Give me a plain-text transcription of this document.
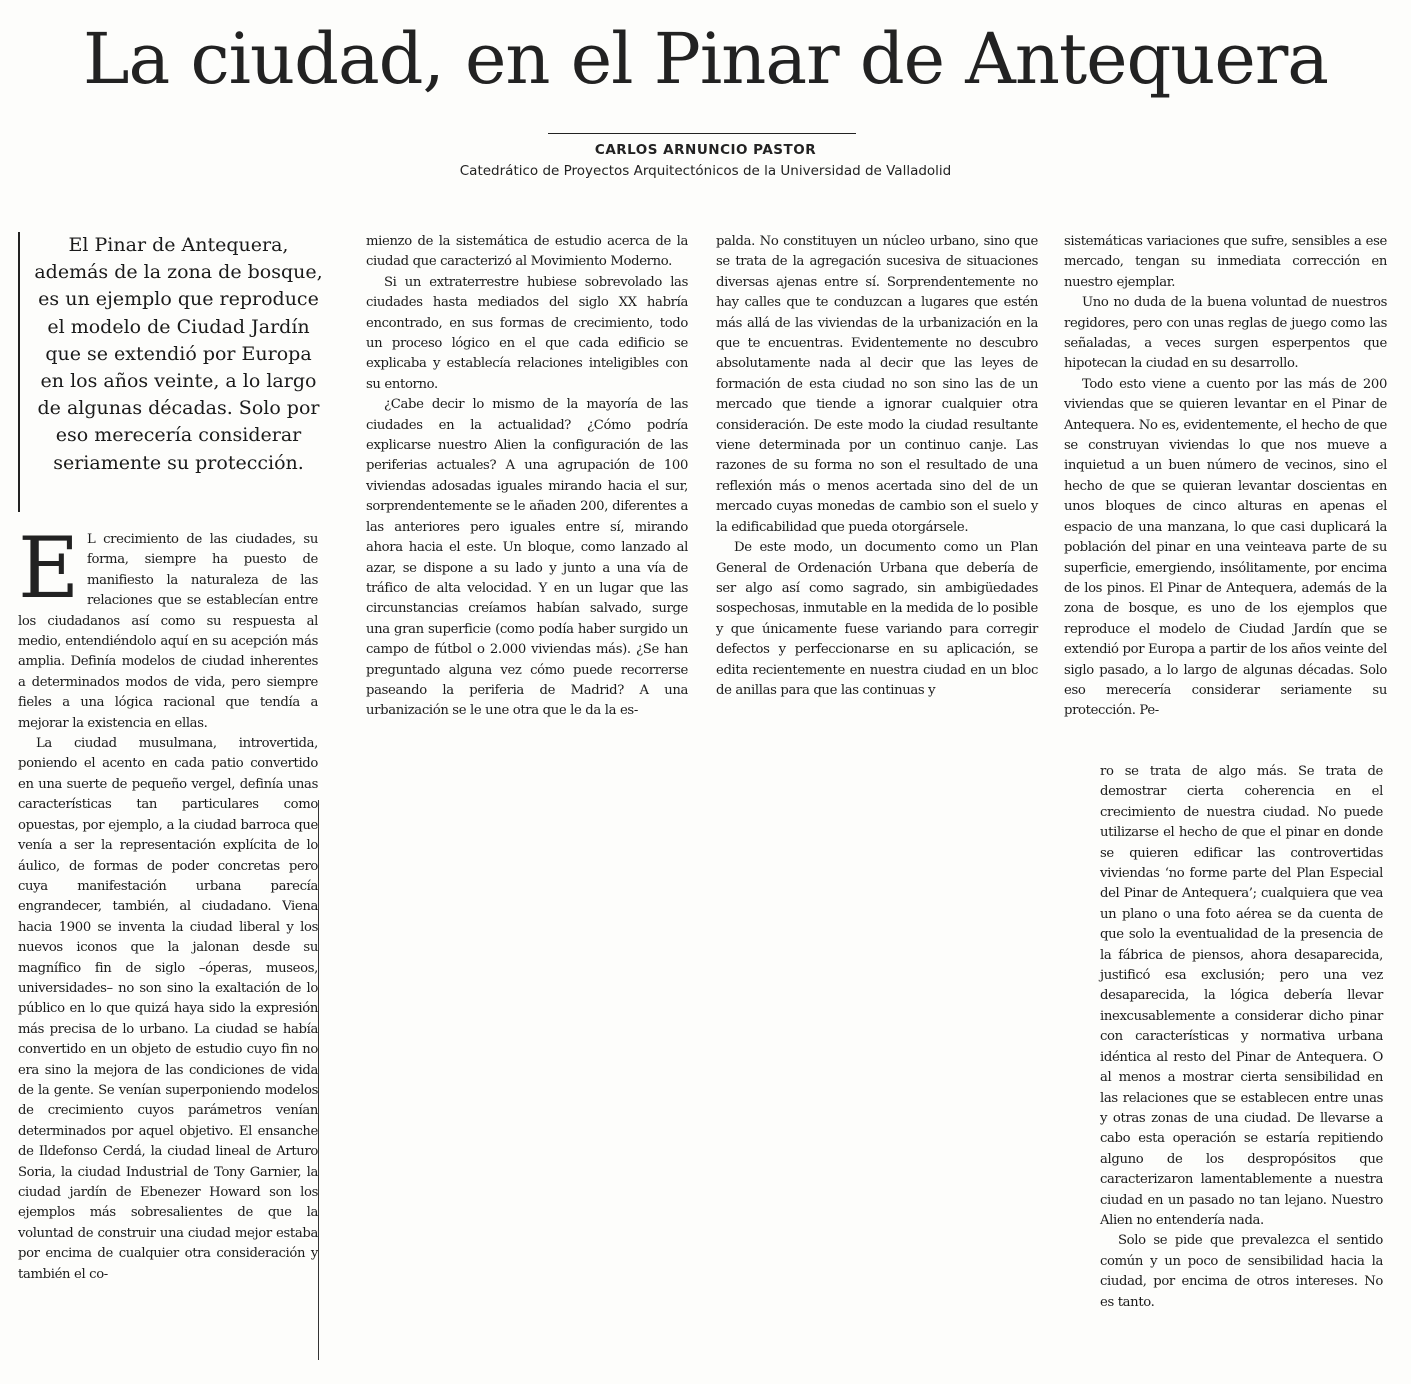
La ciudad, en el Pinar de Antequera
CARLOS ARNUNCIO PASTOR
Catedrático de Proyectos Arquitectónicos de la Universidad de Valladolid

El Pinar de Antequera, además de la zona de bosque, es un ejemplo que reproduce el modelo de Ciudad Jardín que se extendió por Europa en los años veinte, a lo largo de algunas décadas. Solo por eso merecería considerar seriamente su protección.

E L crecimiento de las ciudades, su forma, siempre ha puesto de manifiesto la naturaleza de las relaciones que se establecían entre los ciudadanos así como su respuesta al medio, entendiéndolo aquí en su acepción más amplia. Definía modelos de ciudad inherentes a determinados modos de vida, pero siempre fieles a una lógica racional que tendía a mejorar la existencia en ellas.

La ciudad musulmana, introvertida, poniendo el acento en cada patio convertido en una suerte de pequeño vergel, definía unas características tan particulares como opuestas, por ejemplo, a la ciudad barroca que venía a ser la representación explícita de lo áulico, de formas de poder concretas pero cuya manifestación urbana parecía engrandecer, también, al ciudadano. Viena hacia 1900 se inventa la ciudad liberal y los nuevos iconos que la jalonan desde su magnífico fin de siglo –óperas, museos, universidades– no son sino la exaltación de lo público en lo que quizá haya sido la expresión más precisa de lo urbano. La ciudad se había convertido en un objeto de estudio cuyo fin no era sino la mejora de las condiciones de vida de la gente. Se venían superponiendo modelos de crecimiento cuyos parámetros venían determinados por aquel objetivo. El ensanche de Ildefonso Cerdá, la ciudad lineal de Arturo Soria, la ciudad Industrial de Tony Garnier, la ciudad jardín de Ebenezer Howard son los ejemplos más sobresalientes de que la voluntad de construir una ciudad mejor estaba por encima de cualquier otra consideración y también el co-

mienzo de la sistemática de estudio acerca de la ciudad que caracterizó al Movimiento Moderno.

Si un extraterrestre hubiese sobrevolado las ciudades hasta mediados del siglo XX habría encontrado, en sus formas de crecimiento, todo un proceso lógico en el que cada edificio se explicaba y establecía relaciones inteligibles con su entorno.

¿Cabe decir lo mismo de la mayoría de las ciudades en la actualidad? ¿Cómo podría explicarse nuestro Alien la configuración de las periferias actuales? A una agrupación de 100 viviendas adosadas iguales mirando hacia el sur, sorprendentemente se le añaden 200, diferentes a las anteriores pero iguales entre sí, mirando ahora hacia el este. Un bloque, como lanzado al azar, se dispone a su lado y junto a una vía de tráfico de alta velocidad. Y en un lugar que las circunstancias creíamos habían salvado, surge una gran superficie (como podía haber surgido un campo de fútbol o 2.000 viviendas más). ¿Se han preguntado alguna vez cómo puede recorrerse paseando la periferia de Madrid? A una urbanización se le une otra que le da la es-

palda. No constituyen un núcleo urbano, sino que se trata de la agregación sucesiva de situaciones diversas ajenas entre sí. Sorprendentemente no hay calles que te conduzcan a lugares que estén más allá de las viviendas de la urbanización en la que te encuentras. Evidentemente no descubro absolutamente nada al decir que las leyes de formación de esta ciudad no son sino las de un mercado que tiende a ignorar cualquier otra consideración. De este modo la ciudad resultante viene determinada por un continuo canje. Las razones de su forma no son el resultado de una reflexión más o menos acertada sino del de un mercado cuyas monedas de cambio son el suelo y la edificabilidad que pueda otorgársele.

De este modo, un documento como un Plan General de Ordenación Urbana que debería de ser algo así como sagrado, sin ambigüedades sospechosas, inmutable en la medida de lo posible y que únicamente fuese variando para corregir defectos y perfeccionarse en su aplicación, se edita recientemente en nuestra ciudad en un bloc de anillas para que las continuas y

sistemáticas variaciones que sufre, sensibles a ese mercado, tengan su inmediata corrección en nuestro ejemplar.

Uno no duda de la buena voluntad de nuestros regidores, pero con unas reglas de juego como las señaladas, a veces surgen esperpentos que hipotecan la ciudad en su desarrollo.

Todo esto viene a cuento por las más de 200 viviendas que se quieren levantar en el Pinar de Antequera. No es, evidentemente, el hecho de que se construyan viviendas lo que nos mueve a inquietud a un buen número de vecinos, sino el hecho de que se quieran levantar doscientas en unos bloques de cinco alturas en apenas el espacio de una manzana, lo que casi duplicará la población del pinar en una veinteava parte de su superficie, emergiendo, insólitamente, por encima de los pinos. El Pinar de Antequera, además de la zona de bosque, es uno de los ejemplos que reproduce el modelo de Ciudad Jardín que se extendió por Europa a partir de los años veinte del siglo pasado, a lo largo de algunas décadas. Solo eso merecería considerar seriamente su protección. Pe-

ro se trata de algo más. Se trata de demostrar cierta coherencia en el crecimiento de nuestra ciudad. No puede utilizarse el hecho de que el pinar en donde se quieren edificar las controvertidas viviendas ‘no forme parte del Plan Especial del Pinar de Antequera’; cualquiera que vea un plano o una foto aérea se da cuenta de que solo la eventualidad de la presencia de la fábrica de piensos, ahora desaparecida, justificó esa exclusión; pero una vez desaparecida, la lógica debería llevar inexcusablemente a considerar dicho pinar con características y normativa urbana idéntica al resto del Pinar de Antequera. O al menos a mostrar cierta sensibilidad en las relaciones que se establecen entre unas y otras zonas de una ciudad. De llevarse a cabo esta operación se estaría repitiendo alguno de los despropósitos que caracterizaron lamentablemente a nuestra ciudad en un pasado no tan lejano. Nuestro Alien no entendería nada.

Solo se pide que prevalezca el sentido común y un poco de sensibilidad hacia la ciudad, por encima de otros intereses. No es tanto.
